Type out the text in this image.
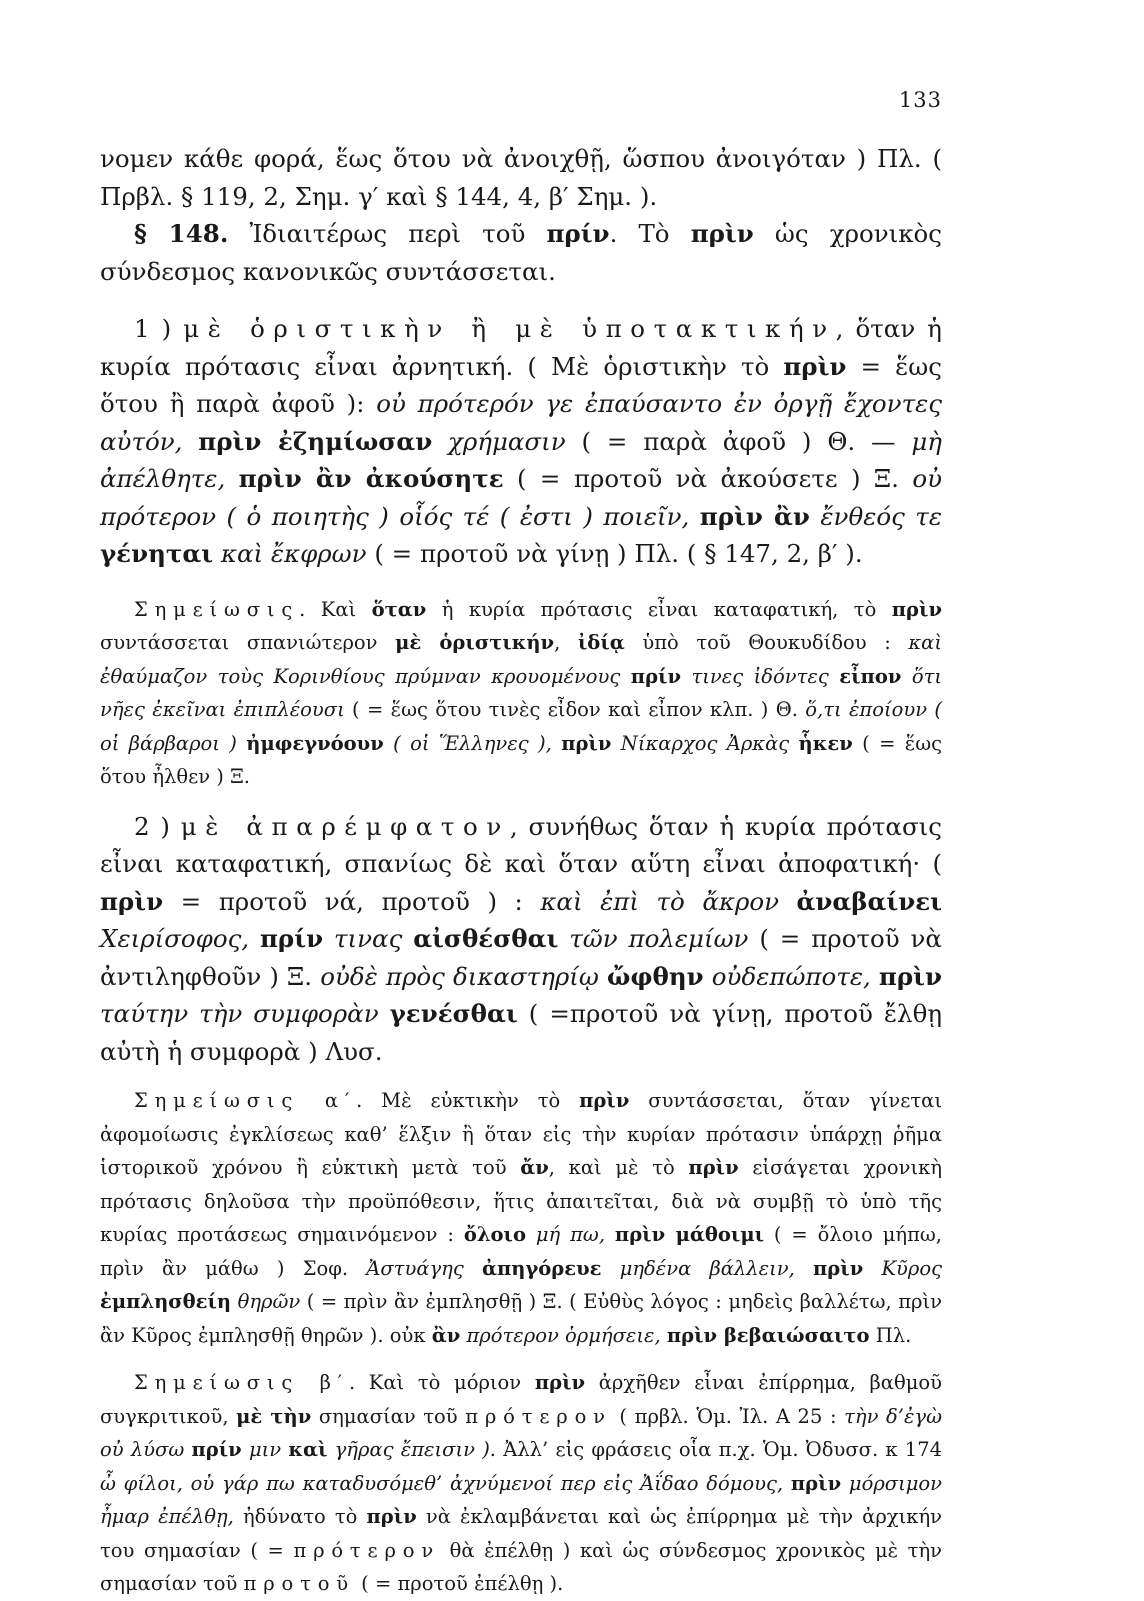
133

νομεν κάθε φορά, ἕως ὅτου νὰ ἀνοιχθῇ, ὥσπου ἀνοιγόταν ) Πλ. ( Πρβλ. § 119, 2, Σημ. γ′ καὶ § 144, 4, β′ Σημ. ).

§ 148. Ἰδιαιτέρως περὶ τοῦ πρίν. Τὸ πρὶν ὡς χρονικὸς σύνδεσμος κανονικῶς συντάσσεται.

1 ) μὲ ὁριστικὴν ἢ μὲ ὑποτακτικήν, ὅταν ἡ κυρία πρότασις εἶναι ἀρνητική. ( Μὲ ὁριστικὴν τὸ πρὶν = ἕως ὅτου ἢ παρὰ ἀφοῦ ): οὐ πρότερόν γε ἐπαύσαντο ἐν ὀργῇ ἔχοντες αὐτόν, πρὶν ἐζημίωσαν χρήμασιν ( = παρὰ ἀφοῦ ) Θ. — μὴ ἀπέλθητε, πρὶν ἂν ἀκούσητε ( = προτοῦ νὰ ἀκούσετε ) Ξ. οὐ πρότερον ( ὁ ποιητὴς ) οἷός τέ ( ἐστι ) ποιεῖν, πρὶν ἂν ἔνθεός τε γένηται καὶ ἔκφρων ( = προτοῦ νὰ γίνῃ ) Πλ. ( § 147, 2, β′ ).

Σημείωσις. Καὶ ὅταν ἡ κυρία πρότασις εἶναι καταφατική, τὸ πρὶν συντάσσεται σπανιώτερον μὲ ὁριστικήν, ἰδίᾳ ὑπὸ τοῦ Θουκυδίδου : καὶ ἐθαύμαζον τοὺς Κορινθίους πρύμναν κρουομένους πρίν τινες ἰδόντες εἶπον ὅτι νῆες ἐκεῖναι ἐπιπλέουσι ( = ἕως ὅτου τινὲς εἶδον καὶ εἶπον κλπ. ) Θ. ὅ,τι ἐποίουν ( οἱ βάρβαροι ) ἠμφεγνόουν ( οἱ Ἕλληνες ), πρὶν Νίκαρχος Ἀρκὰς ἧκεν ( = ἕως ὅτου ἦλθεν ) Ξ.

2 ) μὲ ἀπαρέμφατον, συνήθως ὅταν ἡ κυρία πρότασις εἶναι καταφατική, σπανίως δὲ καὶ ὅταν αὕτη εἶναι ἀποφατική· ( πρὶν = προτοῦ νά, προτοῦ ) : καὶ ἐπὶ τὸ ἄκρον ἀναβαίνει Χειρίσοφος, πρίν τινας αἰσθέσθαι τῶν πολεμίων ( = προτοῦ νὰ ἀντιληφθοῦν ) Ξ. οὐδὲ πρὸς δικαστηρίῳ ὤφθην οὐδεπώποτε, πρὶν ταύτην τὴν συμφορὰν γενέσθαι ( =προτοῦ νὰ γίνῃ, προτοῦ ἔλθῃ αὐτὴ ἡ συμφορὰ ) Λυσ.

Σημείωσις α′. Μὲ εὐκτικὴν τὸ πρὶν συντάσσεται, ὅταν γίνεται ἀφομοίωσις ἐγκλίσεως καθ’ ἕλξιν ἢ ὅταν εἰς τὴν κυρίαν πρότασιν ὑπάρχῃ ῥῆμα ἱστορικοῦ χρόνου ἢ εὐκτικὴ μετὰ τοῦ ἄν, καὶ μὲ τὸ πρὶν εἰσάγεται χρονικὴ πρότασις δηλοῦσα τὴν προϋπόθεσιν, ἥτις ἀπαιτεῖται, διὰ νὰ συμβῇ τὸ ὑπὸ τῆς κυρίας προτάσεως σημαινόμενον : ὄλοιο μή πω, πρὶν μάθοιμι ( = ὄλοιο μήπω, πρὶν ἂν μάθω ) Σοφ. Ἀστυάγης ἀπηγόρευε μηδένα βάλλειν, πρὶν Κῦρος ἐμπλησθείη θηρῶν ( = πρὶν ἂν ἐμπλησθῇ ) Ξ. ( Εὐθὺς λόγος : μηδεὶς βαλλέτω, πρὶν ἂν Κῦρος ἐμπλησθῇ θηρῶν ). οὐκ ἂν πρότερον ὁρμήσειε, πρὶν βεβαιώσαιτο Πλ.

Σημείωσις β′. Καὶ τὸ μόριον πρὶν ἀρχῆθεν εἶναι ἐπίρρημα, βαθμοῦ συγκριτικοῦ, μὲ τὴν σημασίαν τοῦ πρότερον ( πρβλ. Ὁμ. Ἰλ. Α 25 : τὴν δ’ἐγὼ οὐ λύσω πρίν μιν καὶ γῆρας ἔπεισιν ). Ἀλλ’ εἰς φράσεις οἷα π.χ. Ὁμ. Ὀδυσσ. κ 174 ὦ φίλοι, οὐ γάρ πω καταδυσόμεθ’ ἀχνύμενοί περ εἰς Ἀΐδαο δόμους, πρὶν μόρσιμον ἦμαρ ἐπέλθῃ, ἠδύνατο τὸ πρὶν νὰ ἐκλαμβάνεται καὶ ὡς ἐπίρρημα μὲ τὴν ἀρχικήν του σημασίαν ( = πρότερον θὰ ἐπέλθῃ ) καὶ ὡς σύνδεσμος χρονικὸς μὲ τὴν σημασίαν τοῦ προτοῦ ( = προτοῦ ἐπέλθῃ ).
